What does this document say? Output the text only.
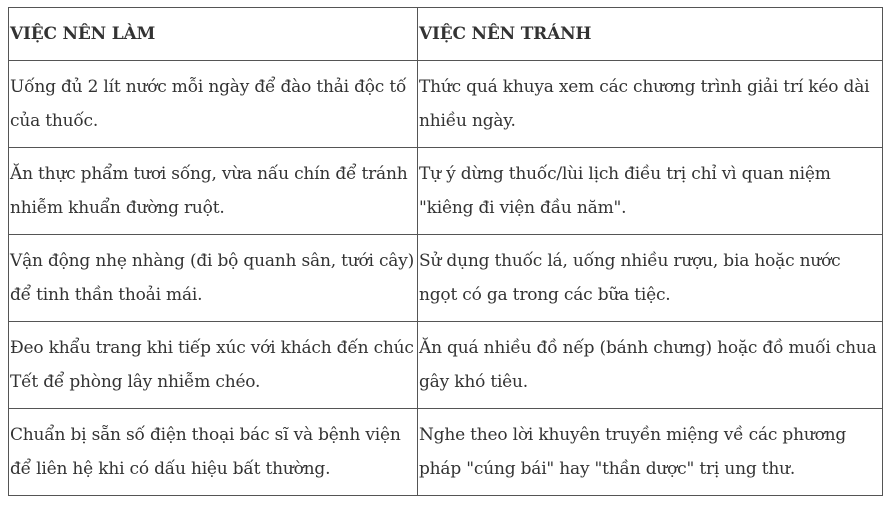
VIỆC NÊN LÀM	VIỆC NÊN TRÁNH
Uống đủ 2 lít nước mỗi ngày để đào thải độc tố của thuốc.	Thức quá khuya xem các chương trình giải trí kéo dài nhiều ngày.
Ăn thực phẩm tươi sống, vừa nấu chín để tránh nhiễm khuẩn đường ruột.	Tự ý dừng thuốc/lùi lịch điều trị chỉ vì quan niệm "kiêng đi viện đầu năm".
Vận động nhẹ nhàng (đi bộ quanh sân, tưới cây) để tinh thần thoải mái.	Sử dụng thuốc lá, uống nhiều rượu, bia hoặc nước ngọt có ga trong các bữa tiệc.
Đeo khẩu trang khi tiếp xúc với khách đến chúc Tết để phòng lây nhiễm chéo.	Ăn quá nhiều đồ nếp (bánh chưng) hoặc đồ muối chua gây khó tiêu.
Chuẩn bị sẵn số điện thoại bác sĩ và bệnh viện để liên hệ khi có dấu hiệu bất thường.	Nghe theo lời khuyên truyền miệng về các phương pháp "cúng bái" hay "thần dược" trị ung thư.
